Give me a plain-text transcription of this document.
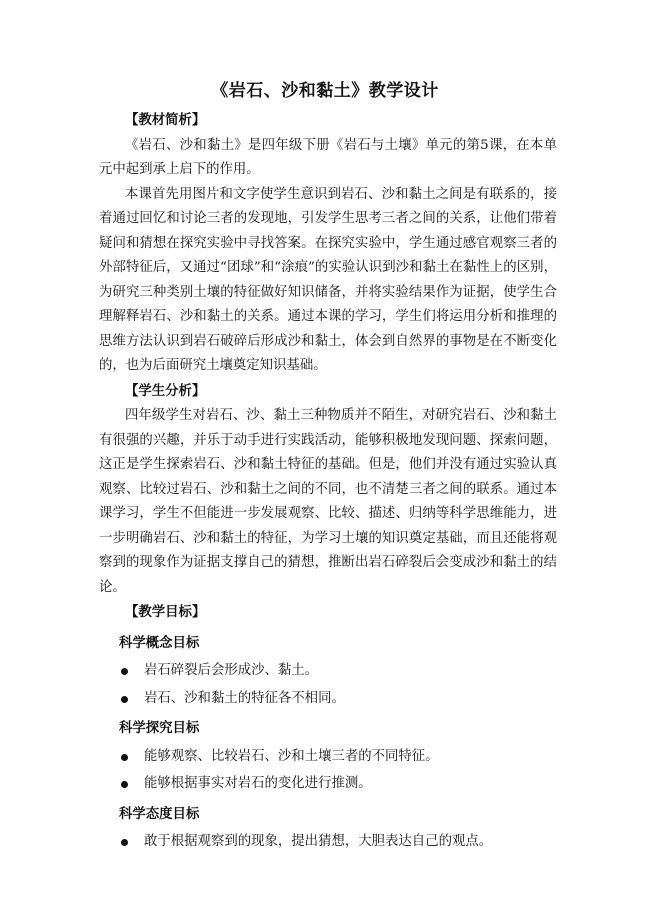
《岩石、沙和黏土》教学设计
【教材简析】

《岩石、沙和黏土》是四年级下册《岩石与土壤》单元的第5课，在本单元中起到承上启下的作用。

本课首先用图片和文字使学生意识到岩石、沙和黏土之间是有联系的，接着通过回忆和讨论三者的发现地，引发学生思考三者之间的关系，让他们带着疑问和猜想在探究实验中寻找答案。在探究实验中，学生通过感官观察三者的外部特征后，又通过“团球”和“涂痕”的实验认识到沙和黏土在黏性上的区别，为研究三种类别土壤的特征做好知识储备，并将实验结果作为证据，使学生合理解释岩石、沙和黏土的关系。通过本课的学习，学生们将运用分析和推理的思维方法认识到岩石破碎后形成沙和黏土，体会到自然界的事物是在不断变化的，也为后面研究土壤奠定知识基础。

【学生分析】

四年级学生对岩石、沙、黏土三种物质并不陌生，对研究岩石、沙和黏土有很强的兴趣，并乐于动手进行实践活动，能够积极地发现问题、探索问题，这正是学生探索岩石、沙和黏土特征的基础。但是，他们并没有通过实验认真观察、比较过岩石、沙和黏土之间的不同，也不清楚三者之间的联系。通过本课学习，学生不但能进一步发展观察、比较、描述、归纳等科学思维能力，进一步明确岩石、沙和黏土的特征，为学习土壤的知识奠定基础，而且还能将观察到的现象作为证据支撑自己的猜想，推断出岩石碎裂后会变成沙和黏土的结论。

【教学目标】
科学概念目标
岩石碎裂后会形成沙、黏土。
岩石、沙和黏土的特征各不相同。
科学探究目标
能够观察、比较岩石、沙和土壤三者的不同特征。
能够根据事实对岩石的变化进行推测。
科学态度目标
敢于根据观察到的现象，提出猜想，大胆表达自己的观点。
